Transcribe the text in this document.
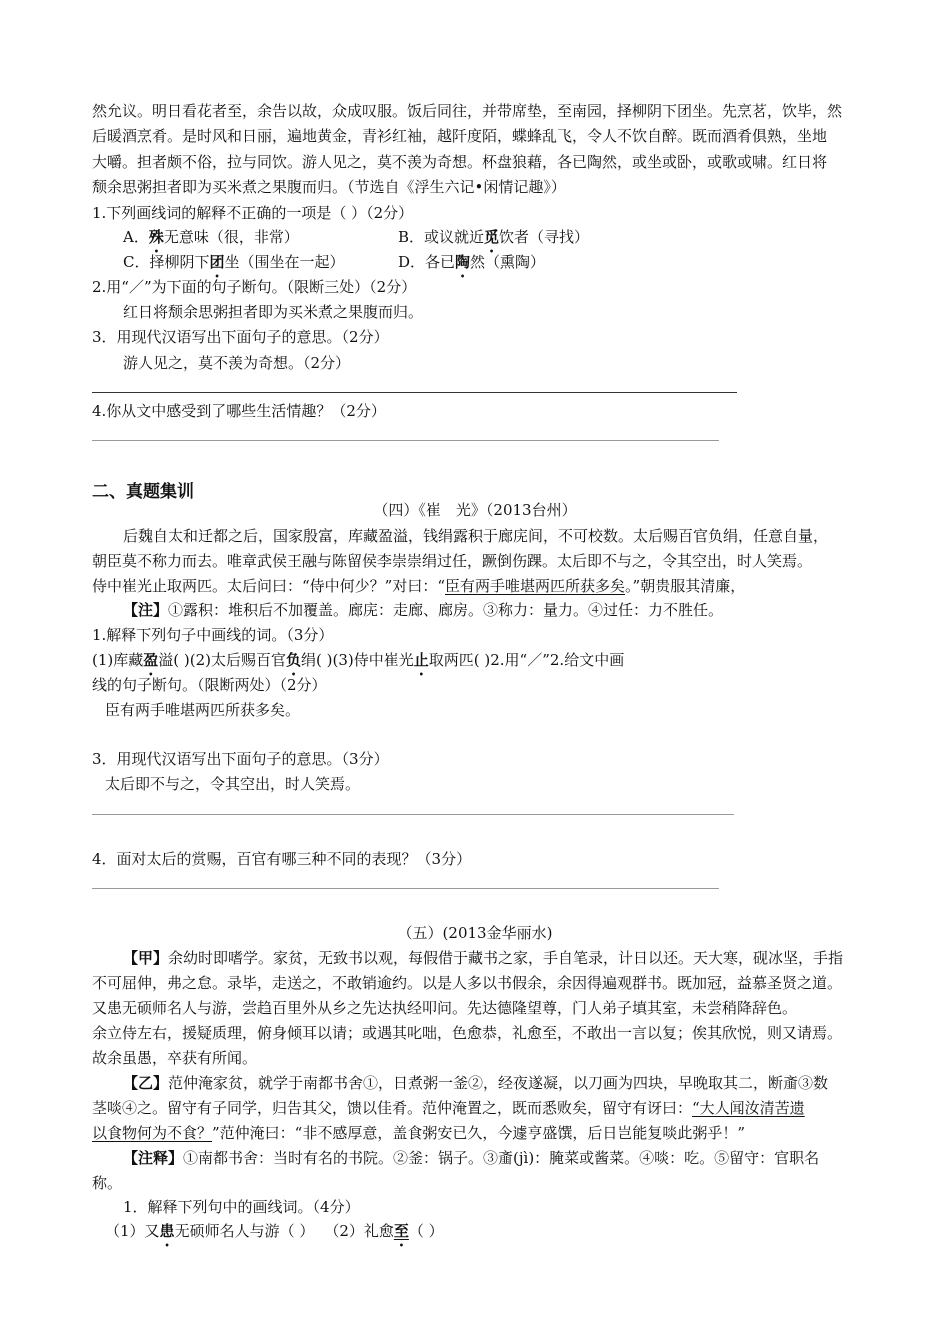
然允议。明日看花者至，余告以故，众成叹服。饭后同往，并带席垫，至南园，择柳阴下团坐。先烹茗，饮毕，然
后暖酒烹肴。是时风和日丽，遍地黄金，青衫红袖，越阡度陌，蝶蜂乱飞，令人不饮自醉。既而酒肴俱熟，坐地
大嚼。担者颇不俗，拉与同饮。游人见之，莫不羡为奇想。杯盘狼藉，各已陶然，或坐或卧，或歌或啸。红日将
颓余思粥担者即为买米煮之果腹而归。（节选自《浮生六记•闲情记趣》）
1.下列画线词的解释不正确的一项是（ ）（2分）
A．殊无意味（很，非常）	B．或议就近觅饮者（寻找）
C．择柳阴下团坐（围坐在一起）	D．各已陶然（熏陶）
2.用“／”为下面的句子断句。（限断三处）（2分）
红日将颓余思粥担者即为买米煮之果腹而归。
3．用现代汉语写出下面句子的意思。（2分）
游人见之，莫不羡为奇想。（2分）
4.你从文中感受到了哪些生活情趣？（2分）
二、真题集训
（四）《崔　光》（2013台州）
后魏自太和迁都之后，国家殷富，库藏盈溢，钱绢露积于廊庑间，不可校数。太后赐百官负绢，任意自量，
朝臣莫不称力而去。唯章武侯王融与陈留侯李崇崇绢过任，蹶倒伤踝。太后即不与之，令其空出，时人笑焉。
侍中崔光止取两匹。太后问曰：“侍中何少？”对曰：“臣有两手唯堪两匹所获多矣。”朝贵服其清廉，
【注】①露积：堆积后不加覆盖。廊庑：走廊、廊房。③称力：量力。④过任：力不胜任。
1.解释下列句子中画线的词。（3分）
(1)库藏盈溢( )(2)太后赐百官负绢( )(3)侍中崔光止取两匹( )2.用“／”2.给文中画
线的句子断句。（限断两处）（2分）
臣有两手唯堪两匹所获多矣。
3．用现代汉语写出下面句子的意思。（3分）
太后即不与之，令其空出，时人笑焉。
4．面对太后的赏赐，百官有哪三种不同的表现？（3分）
（五）(2013金华丽水)
【甲】余幼时即嗜学。家贫，无致书以观，每假借于藏书之家，手自笔录，计日以还。天大寒，砚冰坚，手指
不可屈伸，弗之怠。录毕，走送之，不敢销逾约。以是人多以书假余，余因得遍观群书。既加冠，益慕圣贤之道。
又患无硕师名人与游，尝趋百里外从乡之先达执经叩问。先达德隆望尊，门人弟子填其室，未尝稍降辞色。
余立侍左右，援疑质理，俯身倾耳以请；或遇其叱咄，色愈恭，礼愈至，不敢出一言以复；俟其欣悦，则又请焉。
故余虽愚，卒获有所闻。
【乙】范仲淹家贫，就学于南都书舍①，日煮粥一釜②，经夜遂凝，以刀画为四块，早晚取其二，断齑③数
茎啖④之。留守有子同学，归告其父，馈以佳肴。范仲淹置之，既而悉败矣，留守有讶曰：“大人闻汝清苦遗
以食物何为不食？”范仲淹曰：“非不感厚意，盖食粥安已久，今遽亨盛馔，后日岂能复啖此粥乎！”
【注释】①南都书舍：当时有名的书院。②釜：锅子。③齑(jì)：腌菜或酱菜。④啖：吃。⑤留守：官职名
称。
1．解释下列句中的画线词。（4分）
（1）又患无硕师名人与游（ ） （2）礼愈至（ ）
